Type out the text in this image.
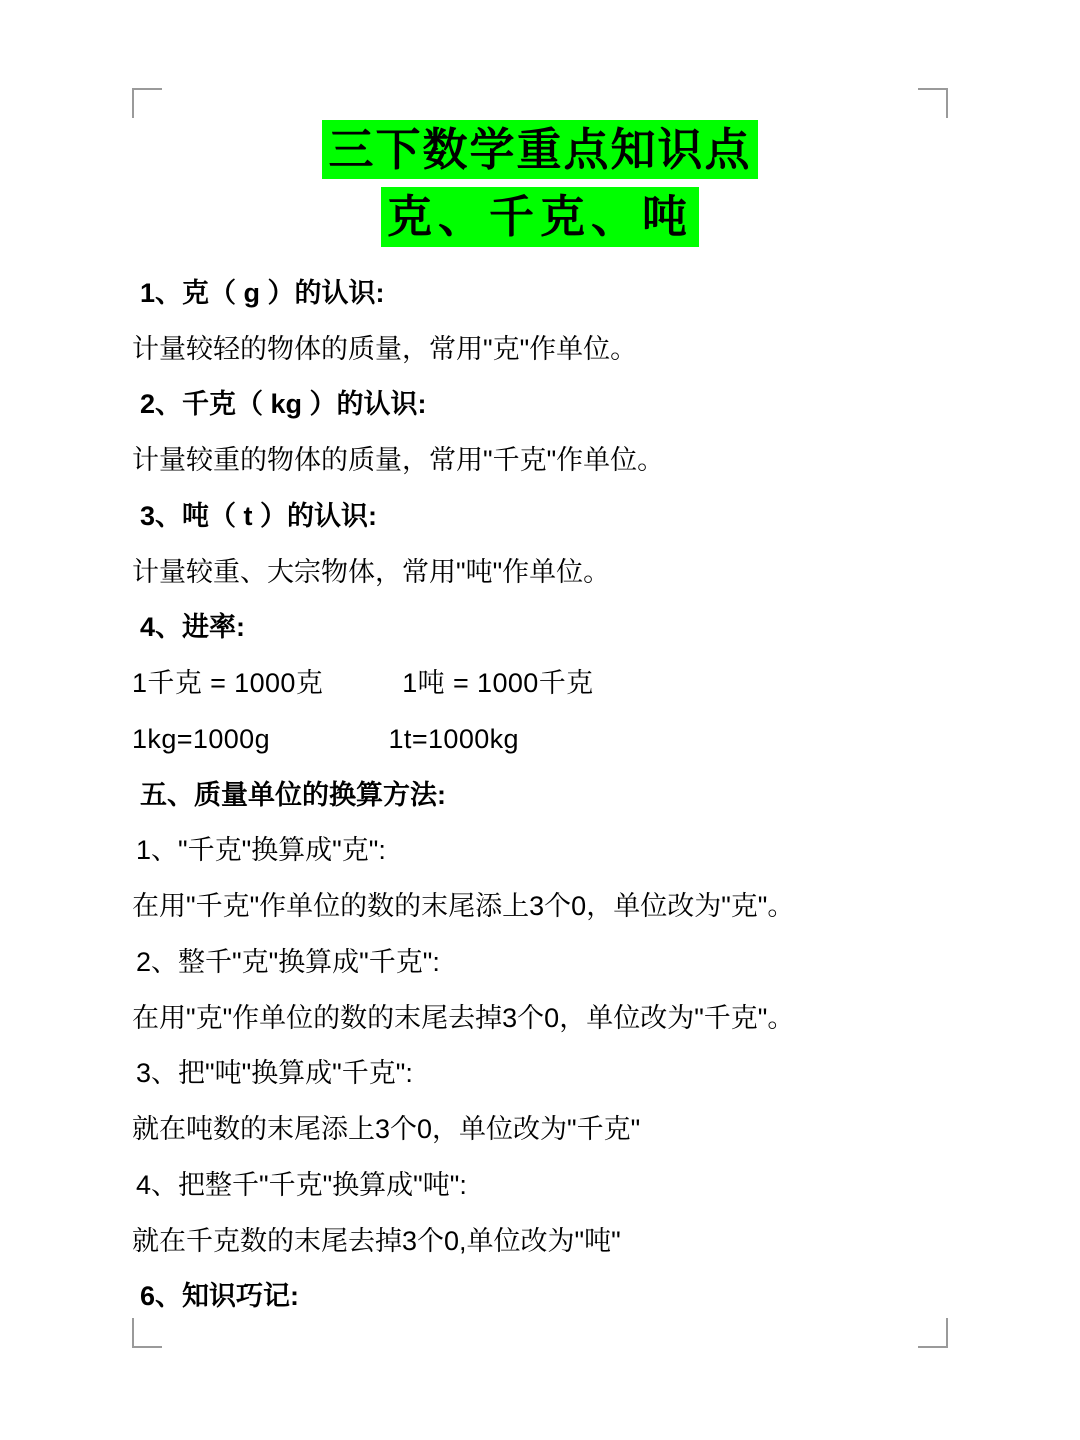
三下数学重点知识点
克、千克、吨

1、克（ g ）的认识:

计量较轻的物体的质量，常用"克"作单位。

2、千克（ kg ）的认识:

计量较重的物体的质量，常用"千克"作单位。

3、吨（ t ）的认识:

计量较重、大宗物体，常用"吨"作单位。

4、进率:

1千克 = 1000克          1吨 = 1000千克

1kg=1000g               1t=1000kg

五、质量单位的换算方法:

1、"千克"换算成"克":

在用"千克"作单位的数的末尾添上3个0，单位改为"克"。

2、整千"克"换算成"千克":

在用"克"作单位的数的末尾去掉3个0，单位改为"千克"。

3、把"吨"换算成"千克":

就在吨数的末尾添上3个0，单位改为"千克"

4、把整千"千克"换算成"吨":

就在千克数的末尾去掉3个0,单位改为"吨"

6、知识巧记:
